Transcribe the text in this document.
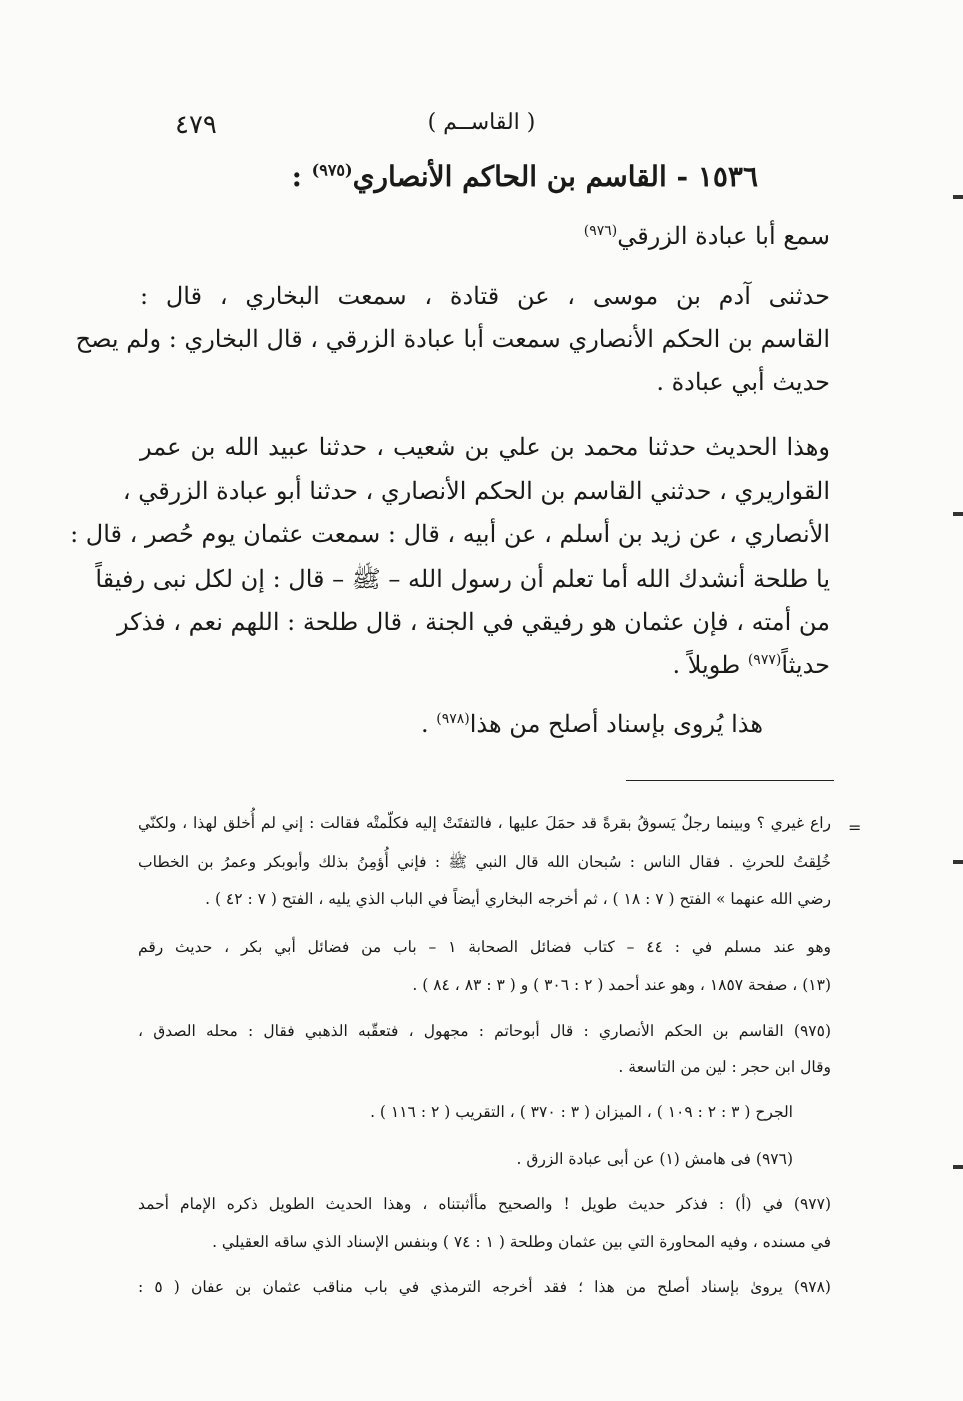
٤٧٩	( القاســم )
١٥٣٦ - القاسم بن الحاكم الأنصاري$^{(٩٧٥)}$ :
سمع أبا عبادة الزرقي$^{(٩٧٦)}$
حدثنى آدم بن موسى ، عن قتادة ، سمعت البخاري ، قال :
القاسم بن الحكم الأنصاري سمعت أبا عبادة الزرقي ، قال البخاري : ولم يصح
حديث أبي عبادة .
وهذا الحديث حدثنا محمد بن علي بن شعيب ، حدثنا عبيد الله بن عمر
القواريري ، حدثني القاسم بن الحكم الأنصاري ، حدثنا أبو عبادة الزرقي ،
الأنصاري ، عن زيد بن أسلم ، عن أبيه ، قال : سمعت عثمان يوم حُصر ، قال :
يا طلحة أنشدك الله أما تعلم أن رسول الله – ﷺ – قال : إن لكل نبى رفيقاً
من أمته ، فإن عثمان هو رفيقي في الجنة ، قال طلحة : اللهم نعم ، فذكر
حديثاً$^{(٩٧٧)}$ طويلاً .
هذا يُروى بإسناد أصلح من هذا$^{(٩٧٨)}$ .
=
راع غيري ؟ وبينما رجلٌ يَسوقُ بقرةً قد حمَلَ عليها ، فالتفتَتْ إليه فكلّمتْه فقالت : إني لم أُخلق لهذا ، ولكنّي
خُلِقتُ للحرثِ . فقال الناس : سُبحان الله قال النبي ﷺ : فإني أُؤمِنُ بذلك وأبوبكر وعمرُ بن الخطاب
رضي الله عنهما » الفتح ( ٧ : ١٨ ) ، ثم أخرجه البخاري أيضاً في الباب الذي يليه ، الفتح ( ٧ : ٤٢ ) .
وهو عند مسلم في : ٤٤ – كتاب فضائل الصحابة ١ – باب من فضائل أبي بكر ، حديث رقم
(١٣) ، صفحة ١٨٥٧ ، وهو عند أحمد ( ٢ : ٣٠٦ ) و ( ٣ : ٨٣ ، ٨٤ ) .
(٩٧٥) القاسم بن الحكم الأنصاري : قال أبوحاتم : مجهول ، فتعقّبه الذهبي فقال : محله الصدق ،
وقال ابن حجر : لين من التاسعة .
الجرح ( ٣ : ٢ : ١٠٩ ) ، الميزان ( ٣ : ٣٧٠ ) ، التقريب ( ٢ : ١١٦ ) .
(٩٧٦) فى هامش (١) عن أبى عبادة الزرق .
(٩٧٧) في (أ) : فذكر حديث طويل ! والصحيح مأأثبتناه ، وهذا الحديث الطويل ذكره الإمام أحمد
في مسنده ، وفيه المحاورة التي بين عثمان وطلحة ( ١ : ٧٤ ) وبنفس الإسناد الذي ساقه العقيلي .
(٩٧٨) يروىٰ بإسناد أصلح من هذا ؛ فقد أخرجه الترمذي في باب مناقب عثمان بن عفان ( ٥ :
